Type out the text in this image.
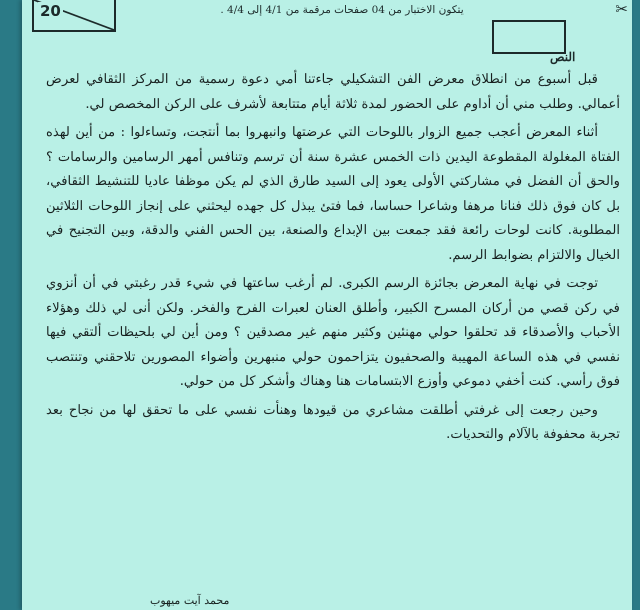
20	✂
يتكون الاختبار من 04 صفحات مرقمة من 4/1 إلى 4/4 .
النص

قبل أسبوع من انطلاق معرض الفن التشكيلي جاءتنا أمي دعوة رسمية من المركز الثقافي لعرض أعمالي. وطلب مني أن أداوم على الحضور لمدة ثلاثة أيام متتابعة لأشرف على الركن المخصص لي.

أثناء المعرض أعجب جميع الزوار باللوحات التي عرضتها وانبهروا بما أنتجت، وتساءلوا : من أين لهذه الفتاة المغلولة المقطوعة اليدين ذات الخمس عشرة سنة أن ترسم وتنافس أمهر الرسامين والرسامات ؟ والحق أن الفضل في مشاركتي الأولى يعود إلى السيد طارق الذي لم يكن موظفا عاديا للتنشيط الثقافي، بل كان فوق ذلك فنانا مرهفا وشاعرا حساسا، فما فتئ يبذل كل جهده ليحثني على إنجاز اللوحات الثلاثين المطلوبة. كانت لوحات رائعة فقد جمعت بين الإبداع والصنعة، بين الحس الفني والدقة، وبين التجنيح في الخيال والالتزام بضوابط الرسم.

توجت في نهاية المعرض بجائزة الرسم الكبرى. لم أرغب ساعتها في شيء قدر رغبتي في أن أنزوي في ركن قصي من أركان المسرح الكبير، وأطلق العنان لعبرات الفرح والفخر. ولكن أنى لي ذلك وهؤلاء الأحباب والأصدقاء قد تحلقوا حولي مهنئين وكثير منهم غير مصدقين ؟ ومن أين لي بلحيظات ألتقي فيها نفسي في هذه الساعة المهيبة والصحفيون يتزاحمون حولي منبهرين وأضواء المصورين تلاحقني وتنتصب فوق رأسي. كنت أخفي دموعي وأوزع الابتسامات هنا وهناك وأشكر كل من حولي.

وحين رجعت إلى غرفتي أطلقت مشاعري من قيودها وهنأت نفسي على ما تحقق لها من نجاح بعد تجربة محفوفة بالآلام والتحديات.

محمد آيت ميهوب
